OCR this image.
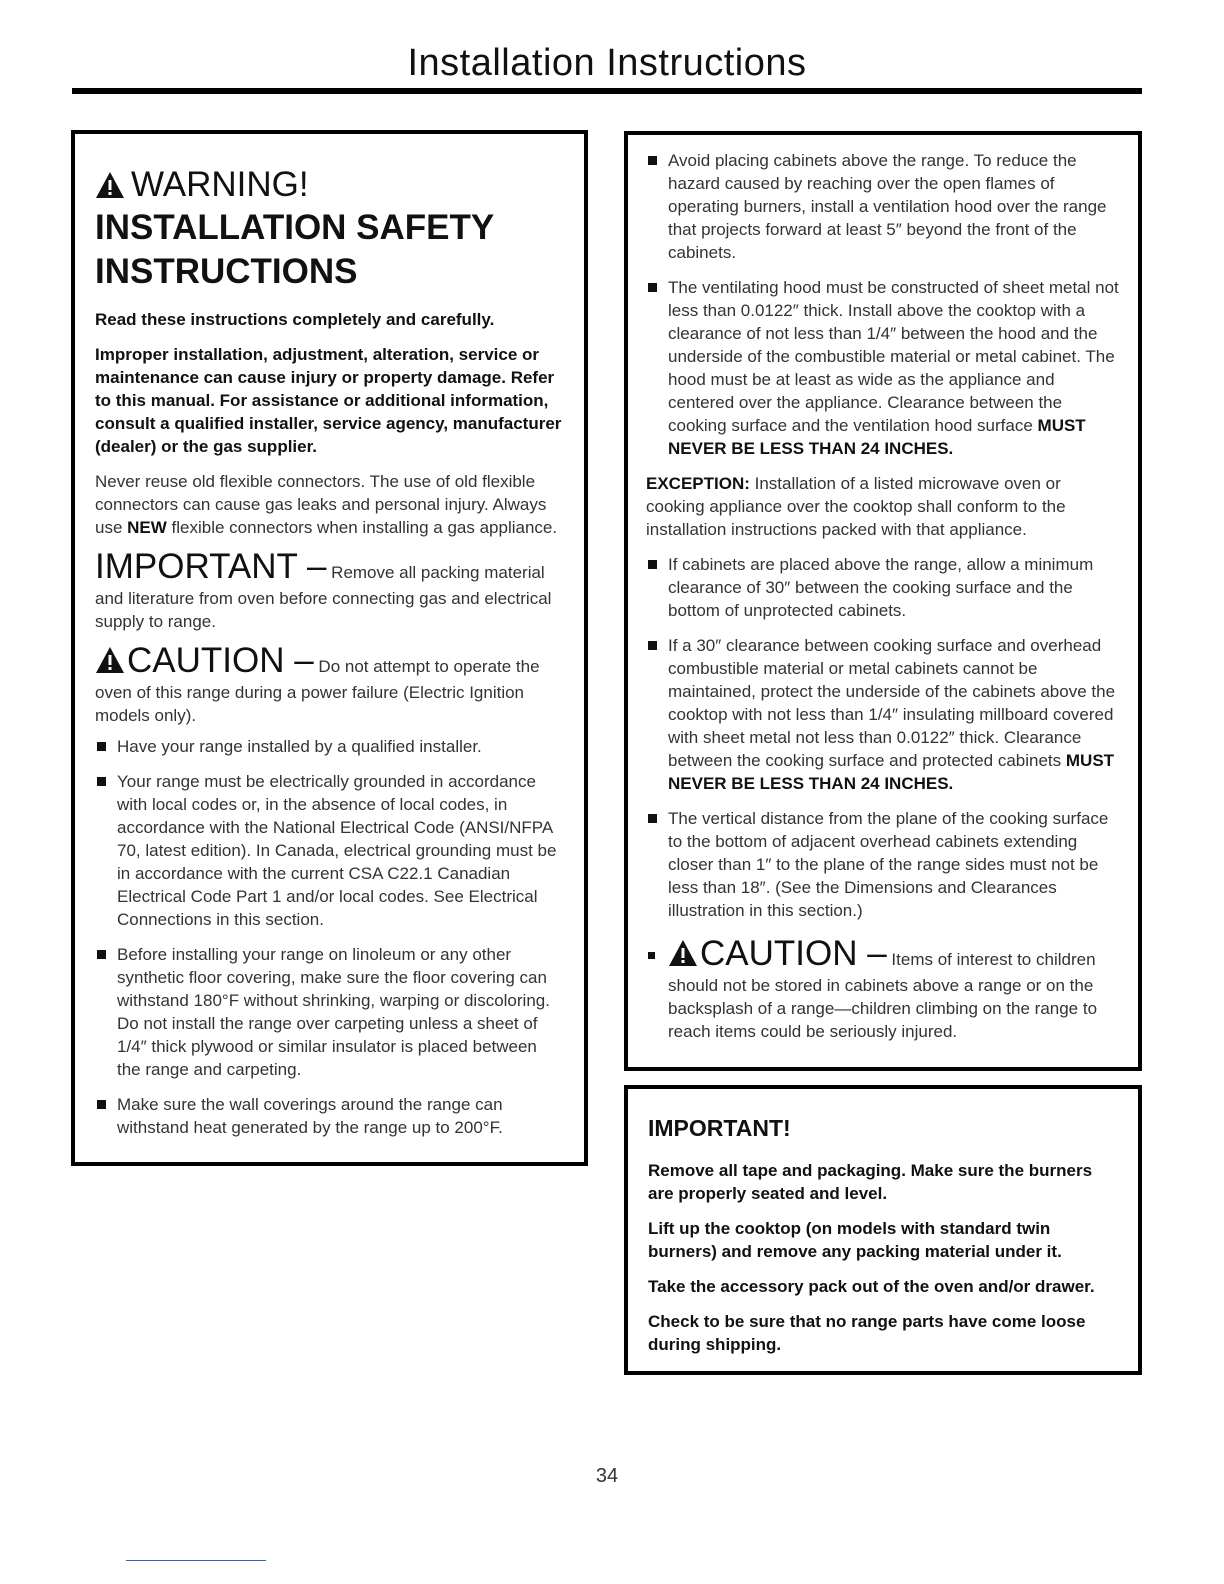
Installation Instructions
WARNING!
INSTALLATION SAFETY
INSTRUCTIONS

Read these instructions completely and carefully.

Improper installation, adjustment, alteration, service or maintenance can cause injury or property damage. Refer to this manual. For assistance or additional information, consult a qualified installer, service agency, manufacturer (dealer) or the gas supplier.

Never reuse old flexible connectors. The use of old flexible connectors can cause gas leaks and personal injury. Always use NEW flexible connectors when installing a gas appliance.

IMPORTANT – Remove all packing material and literature from oven before connecting gas and electrical supply to range.

CAUTION – Do not attempt to operate the oven of this range during a power failure (Electric Ignition models only).

Have your range installed by a qualified installer.
Your range must be electrically grounded in accordance with local codes or, in the absence of local codes, in accordance with the National Electrical Code (ANSI/NFPA 70, latest edition). In Canada, electrical grounding must be in accordance with the current CSA C22.1 Canadian Electrical Code Part 1 and/or local codes. See Electrical Connections in this section.
Before installing your range on linoleum or any other synthetic floor covering, make sure the floor covering can withstand 180°F without shrinking, warping or discoloring. Do not install the range over carpeting unless a sheet of 1/4″ thick plywood or similar insulator is placed between the range and carpeting.
Make sure the wall coverings around the range can withstand heat generated by the range up to 200°F.
Avoid placing cabinets above the range. To reduce the hazard caused by reaching over the open flames of operating burners, install a ventilation hood over the range that projects forward at least 5″ beyond the front of the cabinets.
The ventilating hood must be constructed of sheet metal not less than 0.0122″ thick. Install above the cooktop with a clearance of not less than 1/4″ between the hood and the underside of the combustible material or metal cabinet. The hood must be at least as wide as the appliance and centered over the appliance. Clearance between the cooking surface and the ventilation hood surface MUST NEVER BE LESS THAN 24 INCHES.

EXCEPTION: Installation of a listed microwave oven or cooking appliance over the cooktop shall conform to the installation instructions packed with that appliance.

If cabinets are placed above the range, allow a minimum clearance of 30″ between the cooking surface and the bottom of unprotected cabinets.
If a 30″ clearance between cooking surface and overhead combustible material or metal cabinets cannot be maintained, protect the underside of the cabinets above the cooktop with not less than 1/4″ insulating millboard covered with sheet metal not less than 0.0122″ thick. Clearance between the cooking surface and protected cabinets MUST NEVER BE LESS THAN 24 INCHES.
The vertical distance from the plane of the cooking surface to the bottom of adjacent overhead cabinets extending closer than 1″ to the plane of the range sides must not be less than 18″. (See the Dimensions and Clearances illustration in this section.)
CAUTION – Items of interest to children should not be stored in cabinets above a range or on the backsplash of a range—children climbing on the range to reach items could be seriously injured.
IMPORTANT!

Remove all tape and packaging. Make sure the burners are properly seated and level.

Lift up the cooktop (on models with standard twin burners) and remove any packing material under it.

Take the accessory pack out of the oven and/or drawer.

Check to be sure that no range parts have come loose during shipping.

34
